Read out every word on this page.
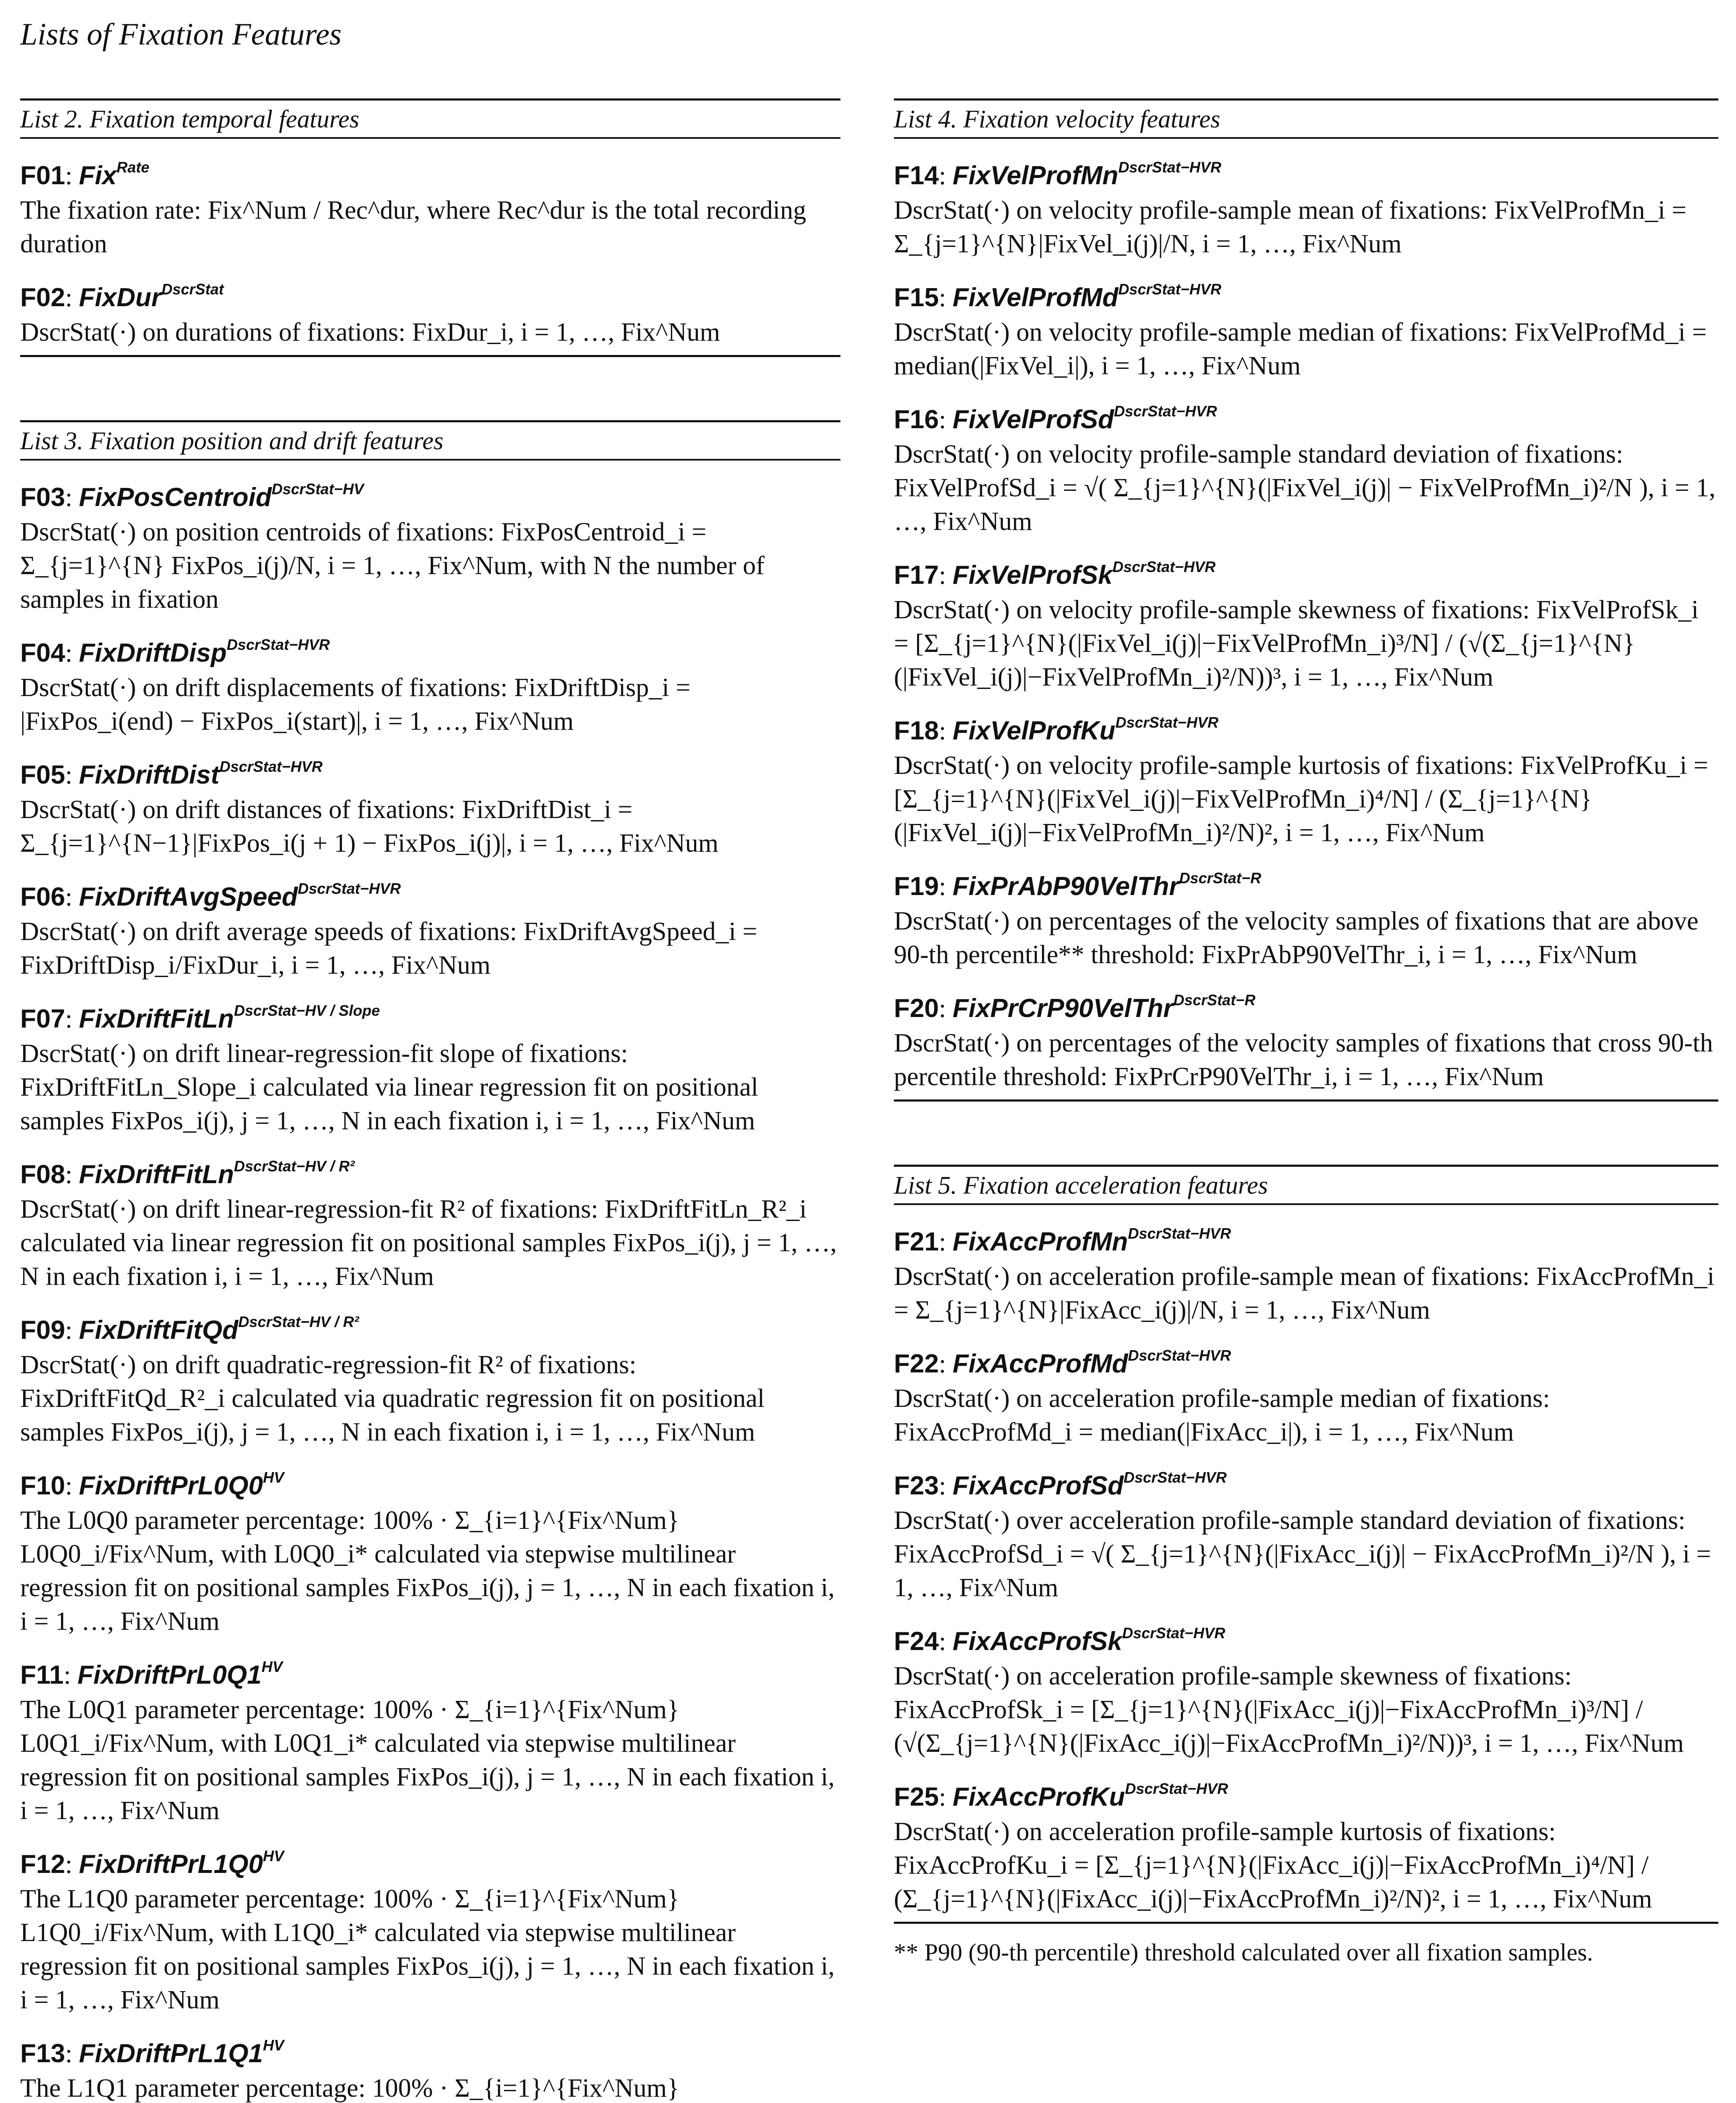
Lists of Fixation Features
List 2. Fixation temporal features
F01: Fix$^{Rate}$
The fixation rate: Fix^Num / Rec^dur, where Rec^dur is the total recording duration
F02: FixDur$^{DscrStat}$
DscrStat(·) on durations of fixations: FixDur_i, i = 1, …, Fix^Num
List 3. Fixation position and drift features
F03: FixPosCentroid$^{DscrStat-HV}$
DscrStat(·) on position centroids of fixations: FixPosCentroid_i = Σ_{j=1}^{N} FixPos_i(j)/N, i = 1, …, Fix^Num, with N the number of samples in fixation
F04: FixDriftDisp$^{DscrStat-HVR}$
DscrStat(·) on drift displacements of fixations: FixDriftDisp_i = |FixPos_i(end) − FixPos_i(start)|, i = 1, …, Fix^Num
F05: FixDriftDist$^{DscrStat-HVR}$
DscrStat(·) on drift distances of fixations: FixDriftDist_i = Σ_{j=1}^{N−1}|FixPos_i(j + 1) − FixPos_i(j)|, i = 1, …, Fix^Num
F06: FixDriftAvgSpeed$^{DscrStat-HVR}$
DscrStat(·) on drift average speeds of fixations: FixDriftAvgSpeed_i = FixDriftDisp_i/FixDur_i, i = 1, …, Fix^Num
F07: FixDriftFitLn$^{DscrStat-HV / Slope}$
DscrStat(·) on drift linear-regression-fit slope of fixations: FixDriftFitLn_Slope_i calculated via linear regression fit on positional samples FixPos_i(j), j = 1, …, N in each fixation i, i = 1, …, Fix^Num
F08: FixDriftFitLn$^{DscrStat-HV / R^2}$
DscrStat(·) on drift linear-regression-fit R² of fixations: FixDriftFitLn_R²_i calculated via linear regression fit on positional samples FixPos_i(j), j = 1, …, N in each fixation i, i = 1, …, Fix^Num
F09: FixDriftFitQd$^{DscrStat-HV / R^2}$
DscrStat(·) on drift quadratic-regression-fit R² of fixations: FixDriftFitQd_R²_i calculated via quadratic regression fit on positional samples FixPos_i(j), j = 1, …, N in each fixation i, i = 1, …, Fix^Num
F10: $FixDriftPrL0Q0^{HV}$
The L0Q0 parameter percentage: 100% · Σ_{i=1}^{Fix^Num} L0Q0_i/Fix^Num, with L0Q0_i* calculated via stepwise multilinear regression fit on positional samples FixPos_i(j), j = 1, …, N in each fixation i, i = 1, …, Fix^Num
F11: $FixDriftPrL0Q1^{HV}$
The L0Q1 parameter percentage: 100% · Σ_{i=1}^{Fix^Num} L0Q1_i/Fix^Num, with L0Q1_i* calculated via stepwise multilinear regression fit on positional samples FixPos_i(j), j = 1, …, N in each fixation i, i = 1, …, Fix^Num
F12: $FixDriftPrL1Q0^{HV}$
The L1Q0 parameter percentage: 100% · Σ_{i=1}^{Fix^Num} L1Q0_i/Fix^Num, with L1Q0_i* calculated via stepwise multilinear regression fit on positional samples FixPos_i(j), j = 1, …, N in each fixation i, i = 1, …, Fix^Num
F13: $FixDriftPrL1Q1^{HV}$
The L1Q1 parameter percentage: 100% · Σ_{i=1}^{Fix^Num}
List 4. Fixation velocity features
F14: FixVelProfMn$^{DscrStat-HVR}$
DscrStat(·) on velocity profile-sample mean of fixations: FixVelProfMn_i = Σ_{j=1}^{N}|FixVel_i(j)|/N, i = 1, …, Fix^Num
F15: FixVelProfMd$^{DscrStat-HVR}$
DscrStat(·) on velocity profile-sample median of fixations: FixVelProfMd_i = median(|FixVel_i|), i = 1, …, Fix^Num
F16: FixVelProfSd$^{DscrStat-HVR}$
DscrStat(·) on velocity profile-sample standard deviation of fixations: FixVelProfSd_i = √( Σ_{j=1}^{N}(|FixVel_i(j)| − FixVelProfMn_i)²/N ), i = 1, …, Fix^Num
F17: FixVelProfSk$^{DscrStat-HVR}$
DscrStat(·) on velocity profile-sample skewness of fixations: FixVelProfSk_i = [Σ_{j=1}^{N}(|FixVel_i(j)|−FixVelProfMn_i)³/N] / (√(Σ_{j=1}^{N}(|FixVel_i(j)|−FixVelProfMn_i)²/N))³, i = 1, …, Fix^Num
F18: FixVelProfKu$^{DscrStat-HVR}$
DscrStat(·) on velocity profile-sample kurtosis of fixations: FixVelProfKu_i = [Σ_{j=1}^{N}(|FixVel_i(j)|−FixVelProfMn_i)⁴/N] / (Σ_{j=1}^{N}(|FixVel_i(j)|−FixVelProfMn_i)²/N)², i = 1, …, Fix^Num
F19: FixPrAbP90VelThr$^{DscrStat-R}$
DscrStat(·) on percentages of the velocity samples of fixations that are above 90-th percentile** threshold: FixPrAbP90VelThr_i, i = 1, …, Fix^Num
F20: FixPrCrP90VelThr$^{DscrStat-R}$
DscrStat(·) on percentages of the velocity samples of fixations that cross 90-th percentile threshold: FixPrCrP90VelThr_i, i = 1, …, Fix^Num
List 5. Fixation acceleration features
F21: FixAccProfMn$^{DscrStat-HVR}$
DscrStat(·) on acceleration profile-sample mean of fixations: FixAccProfMn_i = Σ_{j=1}^{N}|FixAcc_i(j)|/N, i = 1, …, Fix^Num
F22: FixAccProfMd$^{DscrStat-HVR}$
DscrStat(·) on acceleration profile-sample median of fixations: FixAccProfMd_i = median(|FixAcc_i|), i = 1, …, Fix^Num
F23: FixAccProfSd$^{DscrStat-HVR}$
DscrStat(·) over acceleration profile-sample standard deviation of fixations: FixAccProfSd_i = √( Σ_{j=1}^{N}(|FixAcc_i(j)| − FixAccProfMn_i)²/N ), i = 1, …, Fix^Num
F24: FixAccProfSk$^{DscrStat-HVR}$
DscrStat(·) on acceleration profile-sample skewness of fixations: FixAccProfSk_i = [Σ_{j=1}^{N}(|FixAcc_i(j)|−FixAccProfMn_i)³/N] / (√(Σ_{j=1}^{N}(|FixAcc_i(j)|−FixAccProfMn_i)²/N))³, i = 1, …, Fix^Num
F25: FixAccProfKu$^{DscrStat-HVR}$
DscrStat(·) on acceleration profile-sample kurtosis of fixations: FixAccProfKu_i = [Σ_{j=1}^{N}(|FixAcc_i(j)|−FixAccProfMn_i)⁴/N] / (Σ_{j=1}^{N}(|FixAcc_i(j)|−FixAccProfMn_i)²/N)², i = 1, …, Fix^Num
** P90 (90-th percentile) threshold calculated over all fixation samples.
